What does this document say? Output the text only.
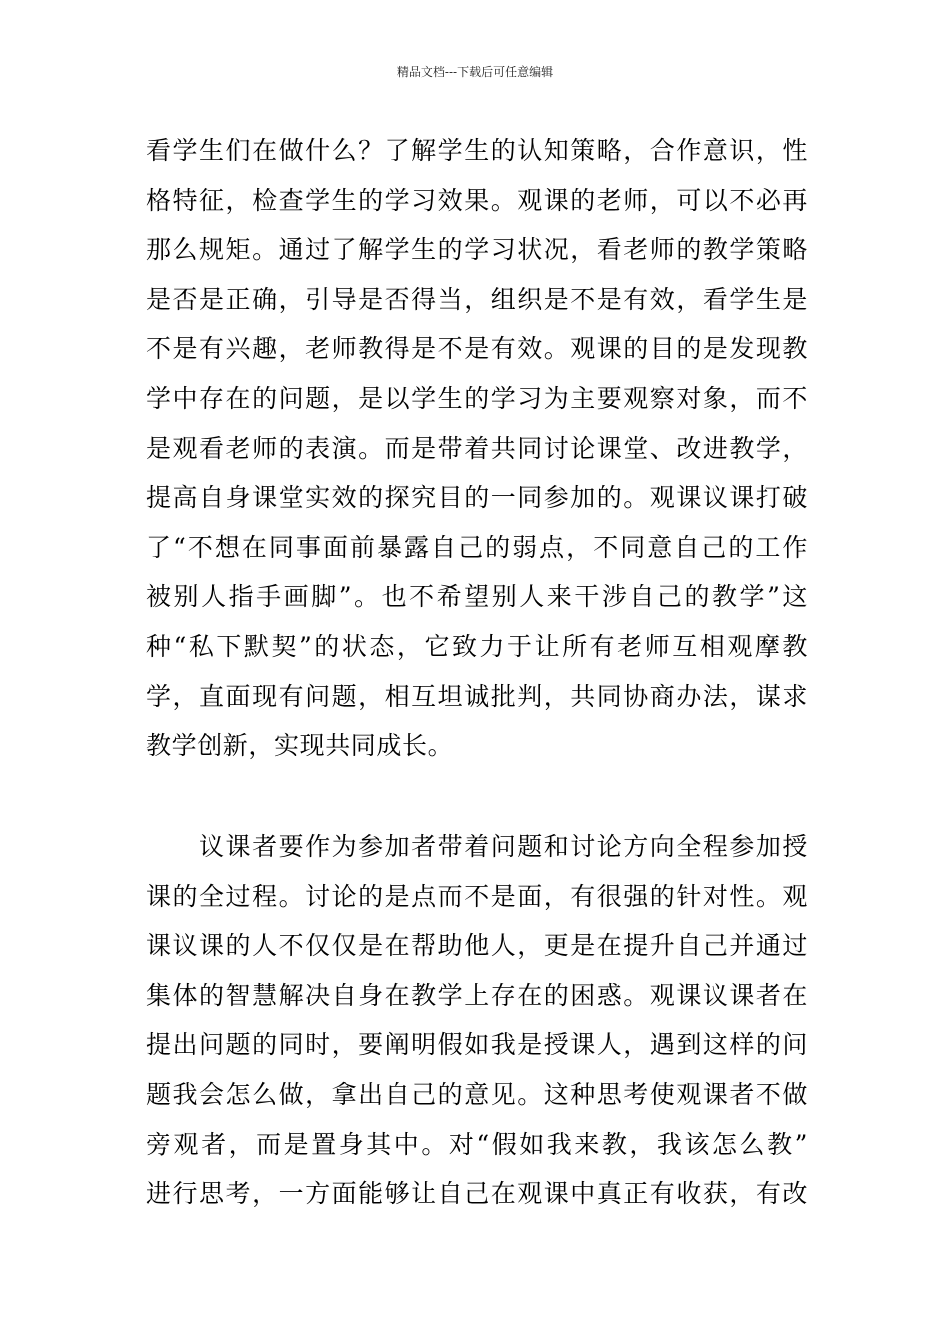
精品文档---下载后可任意编辑
看学生们在做什么？了解学生的认知策略，合作意识，性
格特征，检查学生的学习效果。观课的老师，可以不必再
那么规矩。通过了解学生的学习状况，看老师的教学策略
是否是正确，引导是否得当，组织是不是有效，看学生是
不是有兴趣，老师教得是不是有效。观课的目的是发现教
学中存在的问题，是以学生的学习为主要观察对象，而不
是观看老师的表演。而是带着共同讨论课堂、改进教学，
提高自身课堂实效的探究目的一同参加的。观课议课打破
了“不想在同事面前暴露自己的弱点，不同意自己的工作
被别人指手画脚”。也不希望别人来干涉自己的教学”这
种“私下默契”的状态，它致力于让所有老师互相观摩教
学，直面现有问题，相互坦诚批判，共同协商办法，谋求
教学创新，实现共同成长。
　　议课者要作为参加者带着问题和讨论方向全程参加授
课的全过程。讨论的是点而不是面，有很强的针对性。观
课议课的人不仅仅是在帮助他人，更是在提升自己并通过
集体的智慧解决自身在教学上存在的困惑。观课议课者在
提出问题的同时，要阐明假如我是授课人，遇到这样的问
题我会怎么做，拿出自己的意见。这种思考使观课者不做
旁观者，而是置身其中。对“假如我来教，我该怎么教”
进行思考，一方面能够让自己在观课中真正有收获，有改
